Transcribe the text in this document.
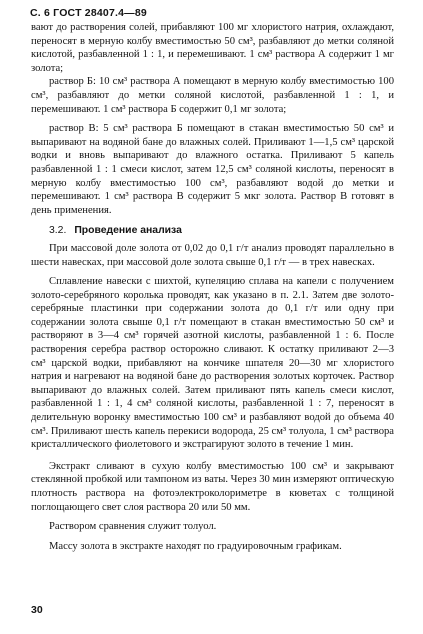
С. 6 ГОСТ 28407.4—89

вают до растворения солей, прибавляют 100 мг хлористого натрия, охлаждают, переносят в мерную колбу вместимостью 50 см³, разбавляют до метки соляной кислотой, разбавленной 1 : 1, и перемешивают. 1 см³ раствора А содержит 1 мг золота;

раствор Б: 10 см³ раствора А помещают в мерную колбу вместимостью 100 см³, разбавляют до метки соляной кислотой, разбавленной 1 : 1, и перемешивают. 1 см³ раствора Б содержит 0,1 мг золота;

раствор В: 5 см³ раствора Б помещают в стакан вместимостью 50 см³ и выпаривают на водяной бане до влажных солей. Приливают 1—1,5 см³ царской водки и вновь выпаривают до влажного остатка. Приливают 5 капель разбавленной 1 : 1 смеси кислот, затем 12,5 см³ соляной кислоты, переносят в мерную колбу вместимостью 100 см³, разбавляют водой до метки и перемешивают. 1 см³ раствора В содержит 5 мкг золота. Раствор В готовят в день применения.

3.2. Проведение анализа

При массовой доле золота от 0,02 до 0,1 г/т анализ проводят параллельно в шести навесках, при массовой доле золота свыше 0,1 г/т — в трех навесках.

Сплавление навески с шихтой, купеляцию сплава на капели с получением золото-серебряного королька проводят, как указано в п. 2.1. Затем две золото-серебряные пластинки при содержании золота до 0,1 г/т или одну при содержании золота свыше 0,1 г/т помещают в стакан вместимостью 50 см³ и растворяют в 3—4 см³ горячей азотной кислоты, разбавленной 1 : 6. После растворения серебра раствор осторожно сливают. К остатку приливают 2—3 см³ царской водки, прибавляют на кончике шпателя 20—30 мг хлористого натрия и нагревают на водяной бане до растворения золотых корточек. Раствор выпаривают до влажных солей. Затем приливают пять капель смеси кислот, разбавленной 1 : 1, 4 см³ соляной кислоты, разбавленной 1 : 7, переносят в делительную воронку вместимостью 100 см³ и разбавляют водой до объема 40 см³. Приливают шесть капель перекиси водорода, 25 см³ толуола, 1 см³ раствора кристаллического фиолетового и экстрагируют золото в течение 1 мин.

Экстракт сливают в сухую колбу вместимостью 100 см³ и закрывают стеклянной пробкой или тампоном из ваты. Через 30 мин измеряют оптическую плотность раствора на фотоэлектроколориметре в кюветах с толщиной поглощающего свет слоя раствора 20 или 50 мм.

Раствором сравнения служит толуол.

Массу золота в экстракте находят по градуировочным графикам.

30
